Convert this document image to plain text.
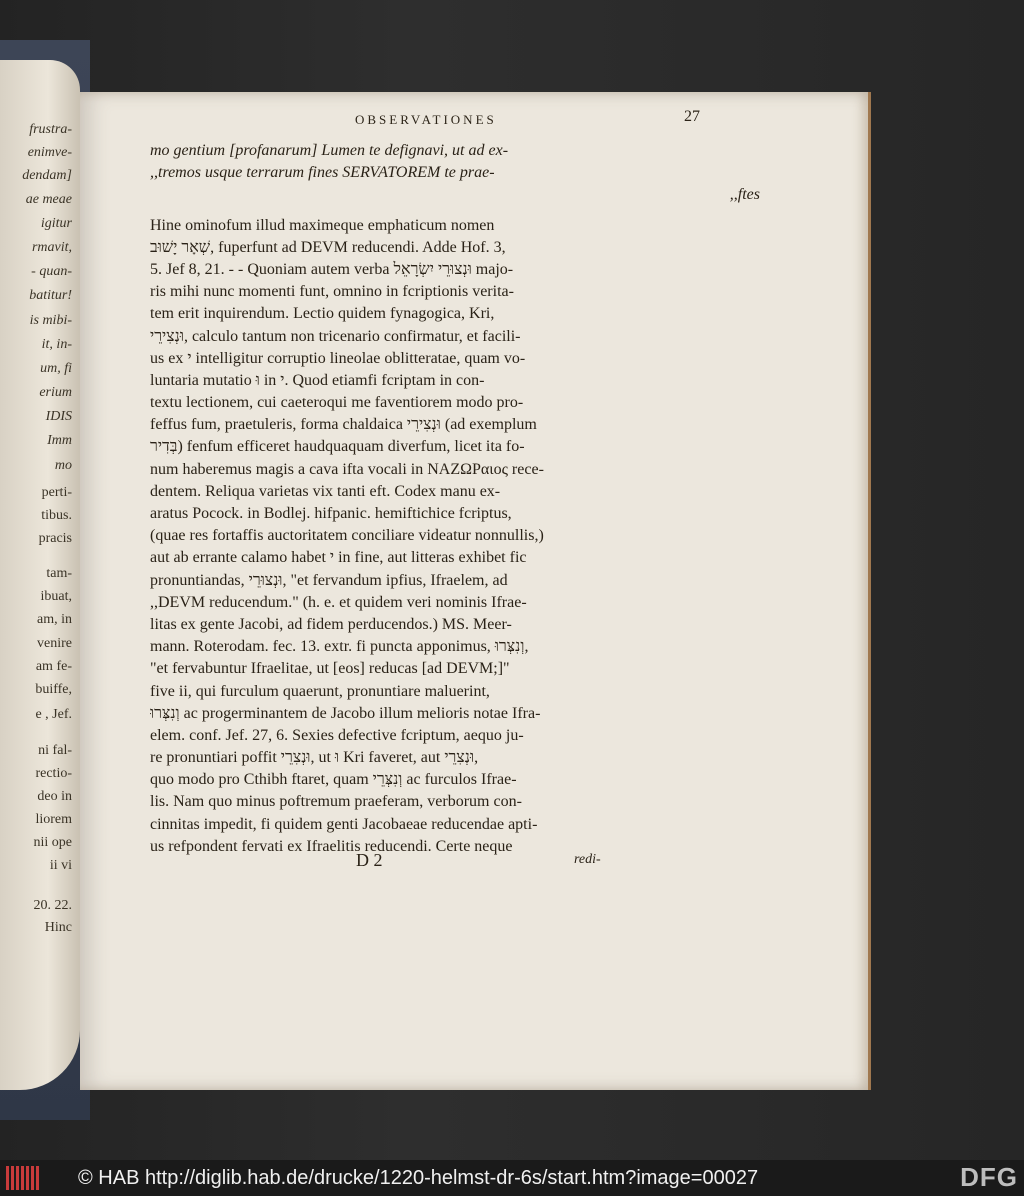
frustra-
enimve-
dendam]
ae meae
igitur
rmavit,
- quan-
batitur!
is mibi-
it, in-
um, fi
erium
IDIS
Imm
mo
perti-
tibus.
pracis
tam-
ibuat,
am, in
venire
am fe-
buiffe,
e , Jef.
ni fal-
rectio-
deo in
liorem
nii ope
ii vi
20. 22.
Hinc
OBSERVATIONES	27
mo gentium [profanarum] Lumen te defignavi, ut ad ex-
,,tremos usque terrarum fines SERVATOREM te prae-
,,ftes
Hine ominofum illud maximeque emphaticum nomen
שְׁאָר יָשׁוּב, fuperfunt ad DEVM reducendi. Adde Hof. 3,
5. Jef 8, 21. - - Quoniam autem verba וּנְצוּרֵי יִשְׂרָאֵל majo-
ris mihi nunc momenti funt, omnino in fcriptionis verita-
tem erit inquirendum. Lectio quidem fynagogica, Kri,
וּנְצִירֵי, calculo tantum non tricenario confirmatur, et facili-
us ex י intelligitur corruptio lineolae oblitteratae, quam vo-
luntaria mutatio וּ in י. Quod etiamfi fcriptam in con-
textu lectionem, cui caeteroqui me faventiorem modo pro-
feffus fum, praetuleris, forma chaldaica וּנְצִירֵי (ad exemplum
בְּדִיר) fenfum efficeret haudquaquam diverfum, licet ita fo-
num haberemus magis a cava ifta vocali in NAZΩPαιος rece-
dentem. Reliqua varietas vix tanti eft. Codex manu ex-
aratus Pocock. in Bodlej. hifpanic. hemiftichice fcriptus,
(quae res fortaffis auctoritatem conciliare videatur nonnullis,)
aut ab errante calamo habet י in fine, aut litteras exhibet fic
pronuntiandas, וּנְצוּרֵי, "et fervandum ipfius, Ifraelem, ad
,,DEVM reducendum." (h. e. et quidem veri nominis Ifrae-
litas ex gente Jacobi, ad fidem perducendos.) MS. Meer-
mann. Roterodam. fec. 13. extr. fi puncta apponimus, וְנִצְּרוּ,
"et fervabuntur Ifraelitae, ut [eos] reducas [ad DEVM;]"
five ii, qui furculum quaerunt, pronuntiare maluerint,
וְנִצְּרוּ ac progerminantem de Jacobo illum melioris notae Ifra-
elem. conf. Jef. 27, 6. Sexies defective fcriptum, aequo ju-
re pronuntiari poffit וּנְצִרֵי, ut וּ Kri faveret, aut וּנְצִרֵי,
quo modo pro Cthibh ftaret, quam וְנִצְּרֵי ac furculos Ifrae-
lis. Nam quo minus poftremum praeferam, verborum con-
cinnitas impedit, fi quidem genti Jacobaeae reducendae apti-
us refpondent fervati ex Ifraelitis reducendi. Certe neque
D 2	redi-
© HAB http://diglib.hab.de/drucke/1220-helmst-dr-6s/start.htm?image=00027	DFG
